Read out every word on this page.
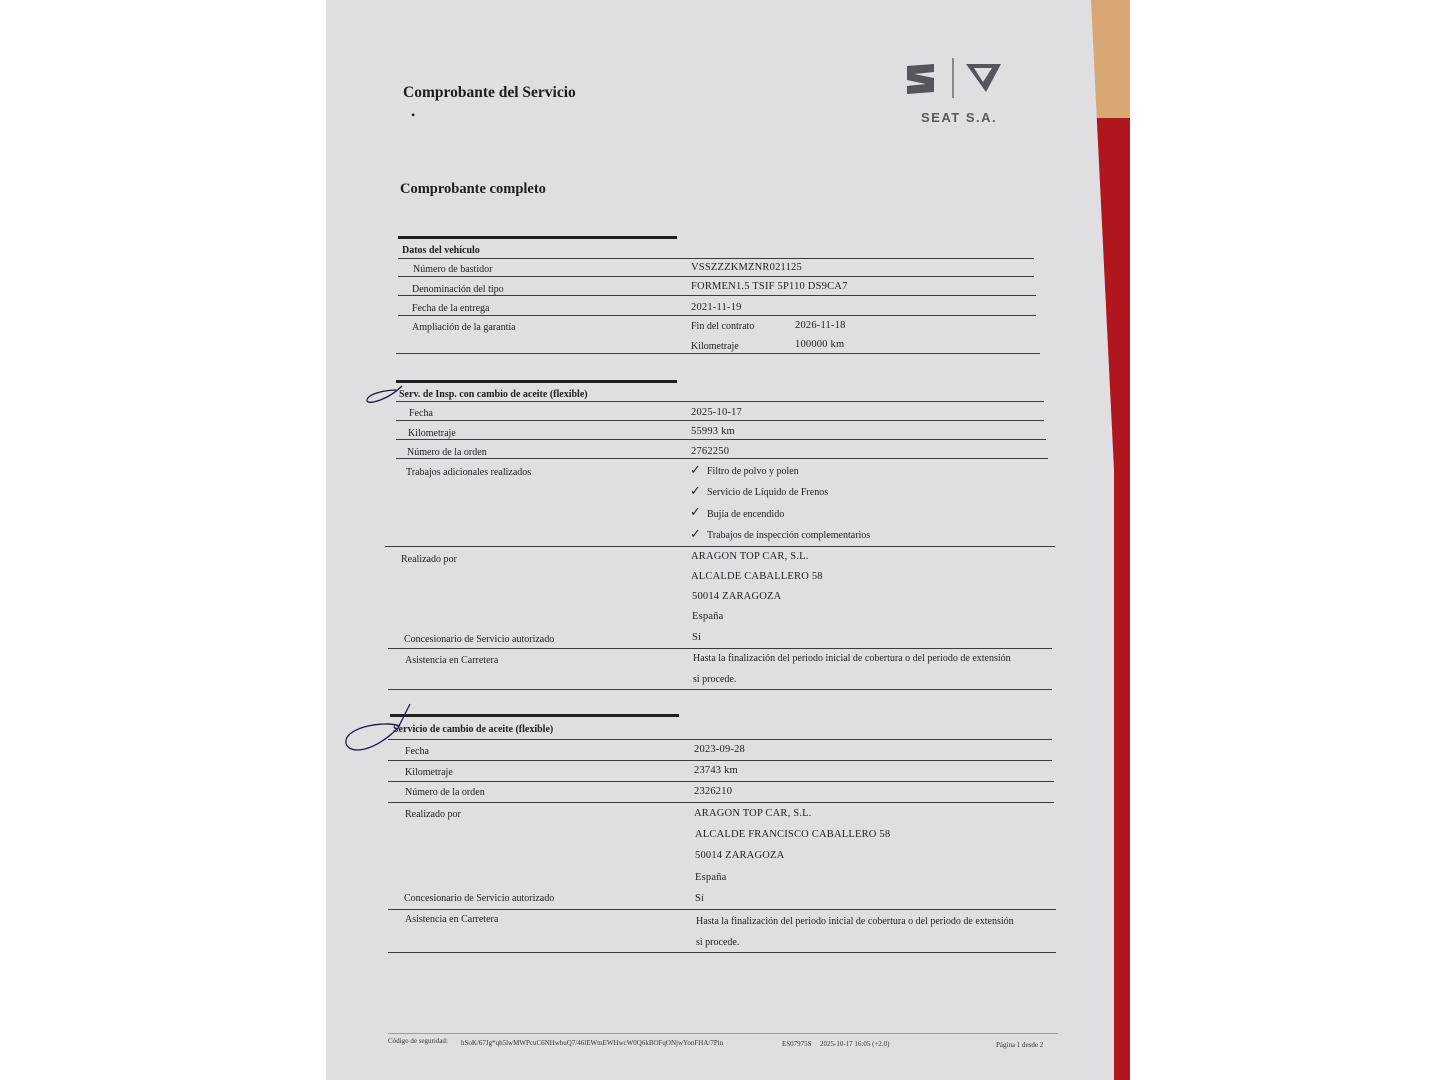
Comprobante del Servicio
•
Comprobante completo
SEAT S.A.
Datos del vehículo
Número de bastidor	VSSZZZKMZNR021125
Denominación del tipo	FORMEN1.5 TSIF 5P110 DS9CA7
Fecha de la entrega	2021-11-19
Ampliación de la garantía	Fin del contrato	2026-11-18
Kilometraje	100000 km
Serv. de Insp. con cambio de aceite (flexible)
Fecha	2025-10-17
Kilometraje	55993 km
Número de la orden	2762250
Trabajos adicionales realizados	✓ Filtro de polvo y polen
✓ Servicio de Líquido de Frenos
✓ Bujía de encendido
✓ Trabajos de inspección complementarios
Realizado por	ARAGON TOP CAR, S.L.
ALCALDE CABALLERO 58
50014 ZARAGOZA
España
Concesionario de Servicio autorizado	Sí
Asistencia en Carretera	Hasta la finalización del periodo inicial de cobertura o del periodo de extensión
si procede.
Servicio de cambio de aceite (flexible)
Fecha	2023-09-28
Kilometraje	23743 km
Número de la orden	2326210
Realizado por	ARAGON TOP CAR, S.L.
ALCALDE FRANCISCO CABALLERO 58
50014 ZARAGOZA
España
Concesionario de Servicio autorizado	Sí
Asistencia en Carretera	Hasta la finalización del periodo inicial de cobertura o del periodo de extensión
si procede.
Código de seguridad: hSoK/67Jg*qh5lwMWPcuC6NHwbuQ7/46lEWmEWHwcW0Q6kBOFqONjwYonFHA/7Pin	ES07975S 2025-10-17 16:05 (+2.0)	Página 1 desde 2
